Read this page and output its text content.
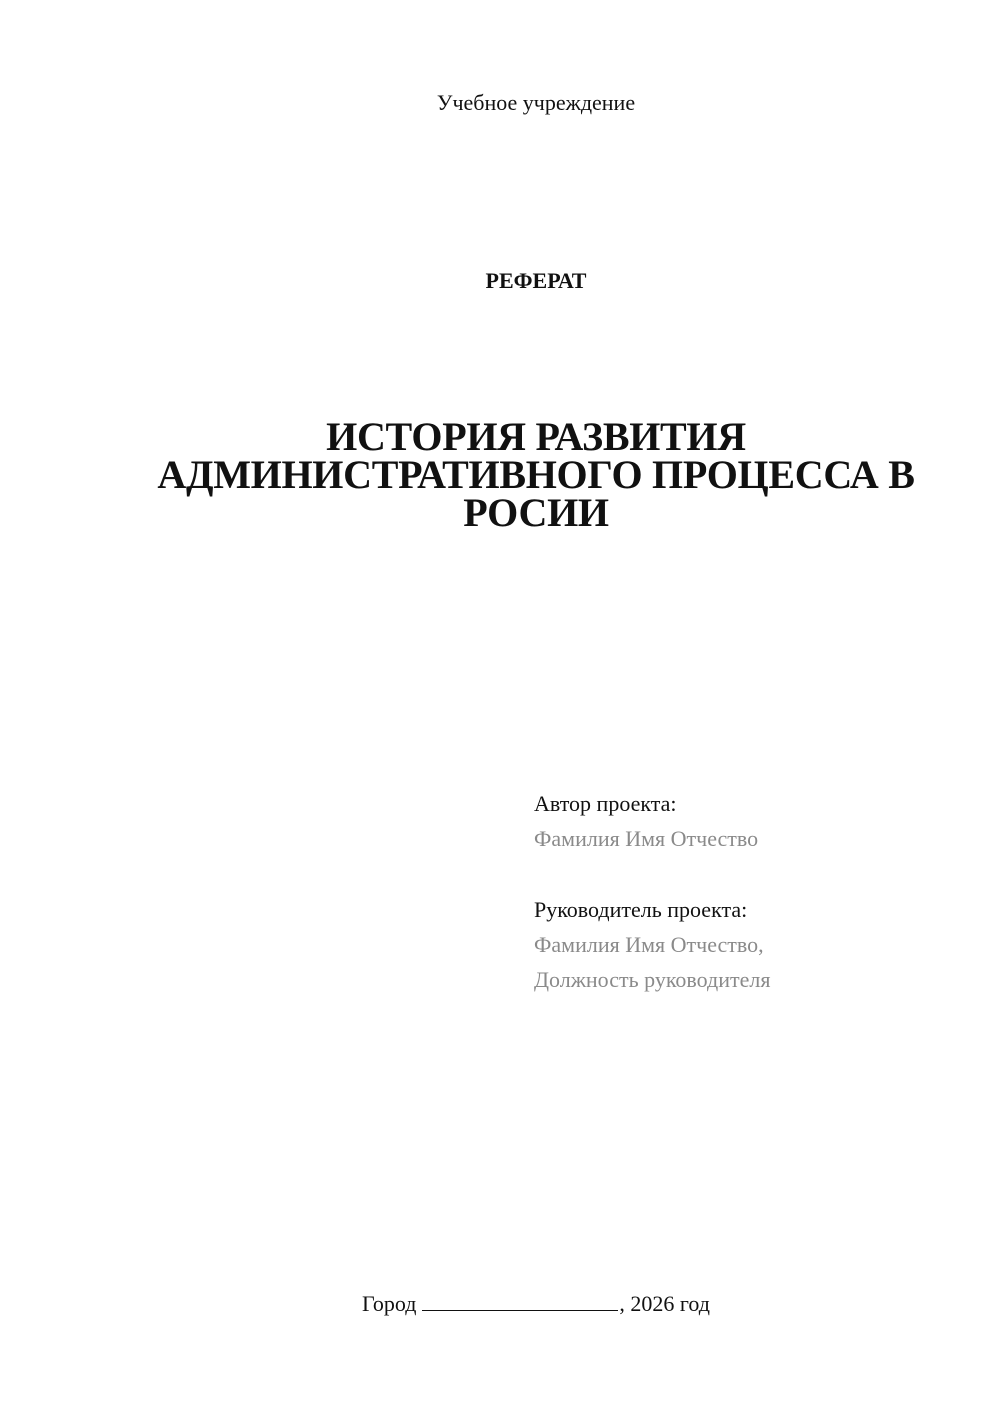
Учебное учреждение
РЕФЕРАТ
ИСТОРИЯ РАЗВИТИЯ
АДМИНИСТРАТИВНОГО ПРОЦЕССА В
РОСИИ
Автор проекта:
Фамилия Имя Отчество
Руководитель проекта:
Фамилия Имя Отчество,
Должность руководителя
Город	, 2026 год
